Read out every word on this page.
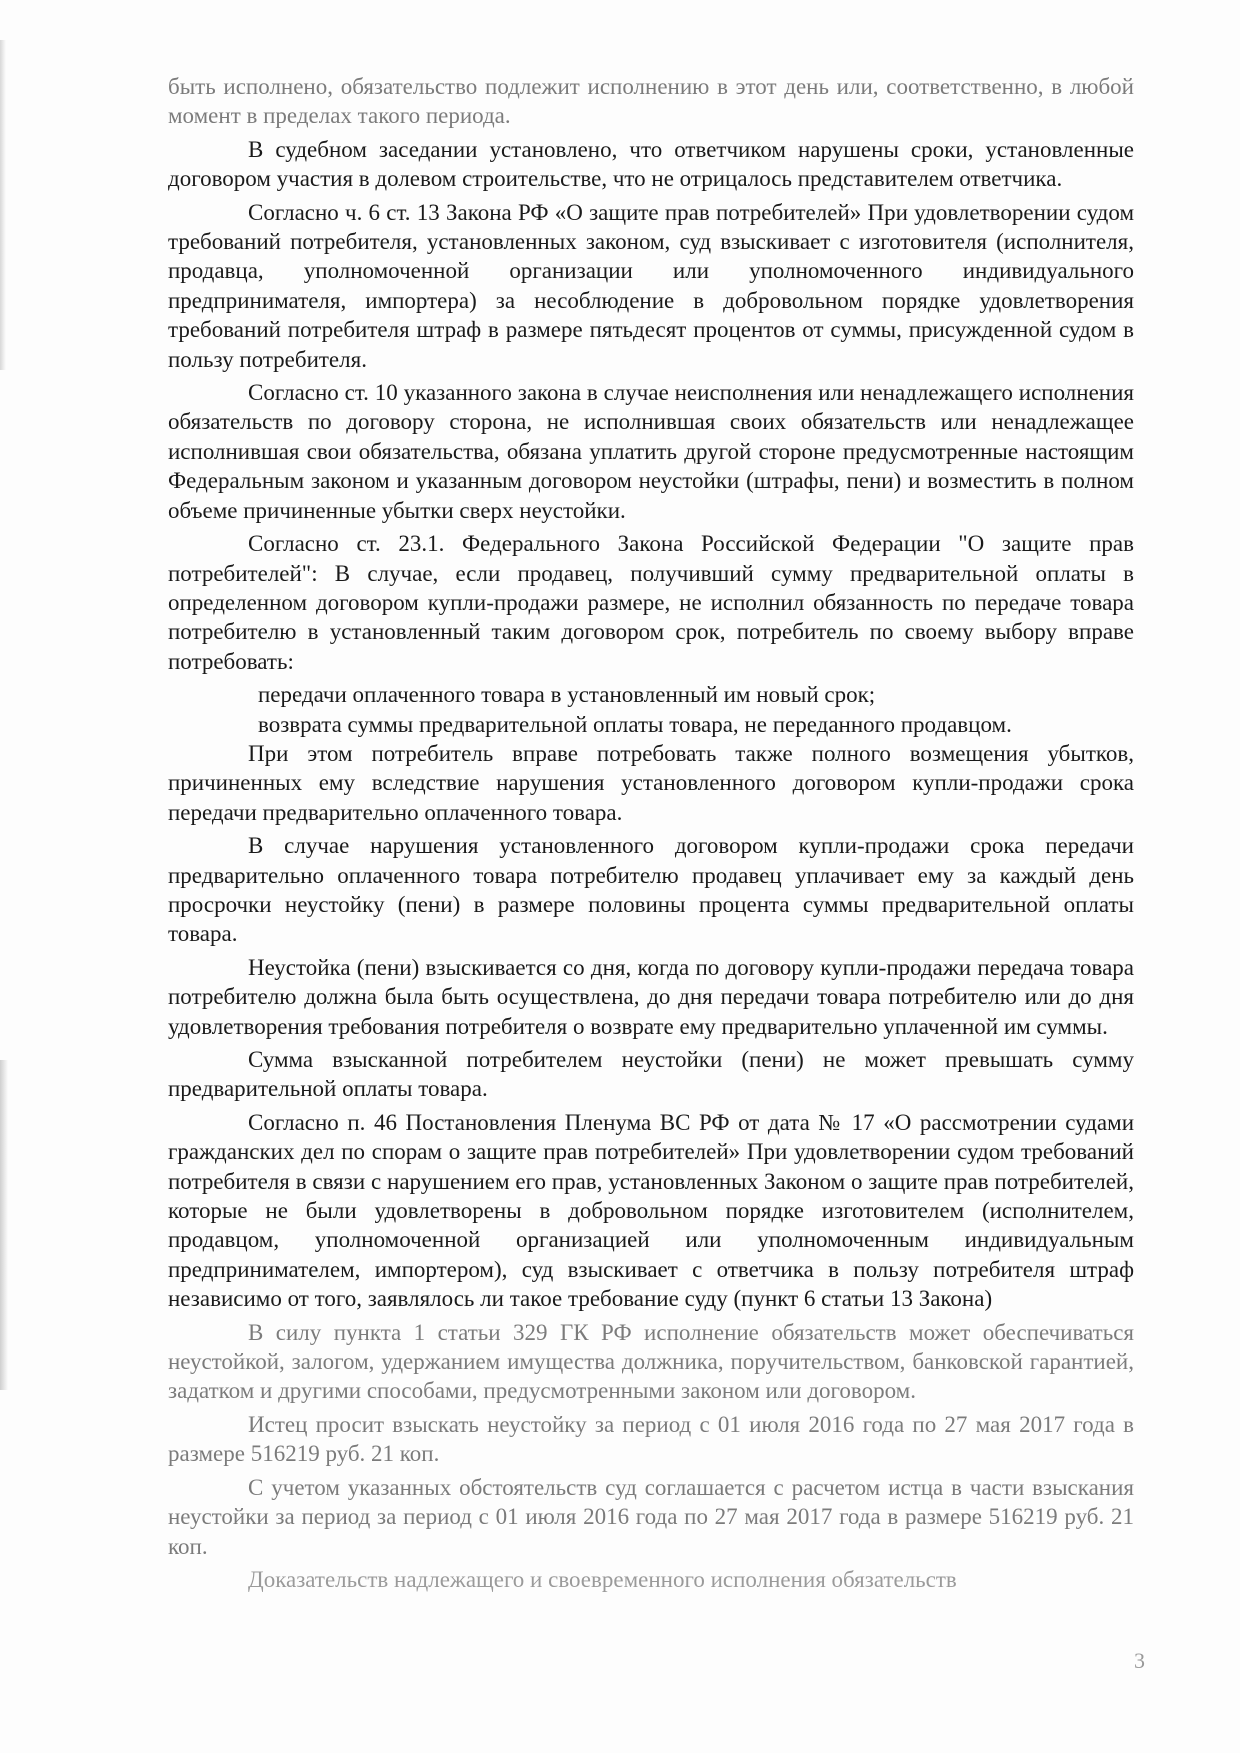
быть исполнено, обязательство подлежит исполнению в этот день или, соответственно, в любой момент в пределах такого периода.

В судебном заседании установлено, что ответчиком нарушены сроки, установленные договором участия в долевом строительстве, что не отрицалось представителем ответчика.

Согласно ч. 6 ст. 13 Закона РФ «О защите прав потребителей» При удовлетворении судом требований потребителя, установленных законом, суд взыскивает с изготовителя (исполнителя, продавца, уполномоченной организации или уполномоченного индивидуального предпринимателя, импортера) за несоблюдение в добровольном порядке удовлетворения требований потребителя штраф в размере пятьдесят процентов от суммы, присужденной судом в пользу потребителя.

Согласно ст. 10 указанного закона в случае неисполнения или ненадлежащего исполнения обязательств по договору сторона, не исполнившая своих обязательств или ненадлежащее исполнившая свои обязательства, обязана уплатить другой стороне предусмотренные настоящим Федеральным законом и указанным договором неустойки (штрафы, пени) и возместить в полном объеме причиненные убытки сверх неустойки.

Согласно ст. 23.1. Федерального Закона Российской Федерации "О защите прав потребителей": В случае, если продавец, получивший сумму предварительной оплаты в определенном договором купли-продажи размере, не исполнил обязанность по передаче товара потребителю в установленный таким договором срок, потребитель по своему выбору вправе потребовать:

передачи оплаченного товара в установленный им новый срок;

возврата суммы предварительной оплаты товара, не переданного продавцом.

При этом потребитель вправе потребовать также полного возмещения убытков, причиненных ему вследствие нарушения установленного договором купли-продажи срока передачи предварительно оплаченного товара.

В случае нарушения установленного договором купли-продажи срока передачи предварительно оплаченного товара потребителю продавец уплачивает ему за каждый день просрочки неустойку (пени) в размере половины процента суммы предварительной оплаты товара.

Неустойка (пени) взыскивается со дня, когда по договору купли-продажи передача товара потребителю должна была быть осуществлена, до дня передачи товара потребителю или до дня удовлетворения требования потребителя о возврате ему предварительно уплаченной им суммы.

Сумма взысканной потребителем неустойки (пени) не может превышать сумму предварительной оплаты товара.

Согласно п. 46 Постановления Пленума ВС РФ от дата № 17 «О рассмотрении судами гражданских дел по спорам о защите прав потребителей» При удовлетворении судом требований потребителя в связи с нарушением его прав, установленных Законом о защите прав потребителей, которые не были удовлетворены в добровольном порядке изготовителем (исполнителем, продавцом, уполномоченной организацией или уполномоченным индивидуальным предпринимателем, импортером), суд взыскивает с ответчика в пользу потребителя штраф независимо от того, заявлялось ли такое требование суду (пункт 6 статьи 13 Закона)

В силу пункта 1 статьи 329 ГК РФ исполнение обязательств может обеспечиваться неустойкой, залогом, удержанием имущества должника, поручительством, банковской гарантией, задатком и другими способами, предусмотренными законом или договором.

Истец просит взыскать неустойку за период с 01 июля 2016 года по 27 мая 2017 года в размере 516219 руб. 21 коп.

С учетом указанных обстоятельств суд соглашается с расчетом истца в части взыскания неустойки за период за период с 01 июля 2016 года по 27 мая 2017 года в размере 516219 руб. 21 коп.

Доказательств надлежащего и своевременного исполнения обязательств

3
